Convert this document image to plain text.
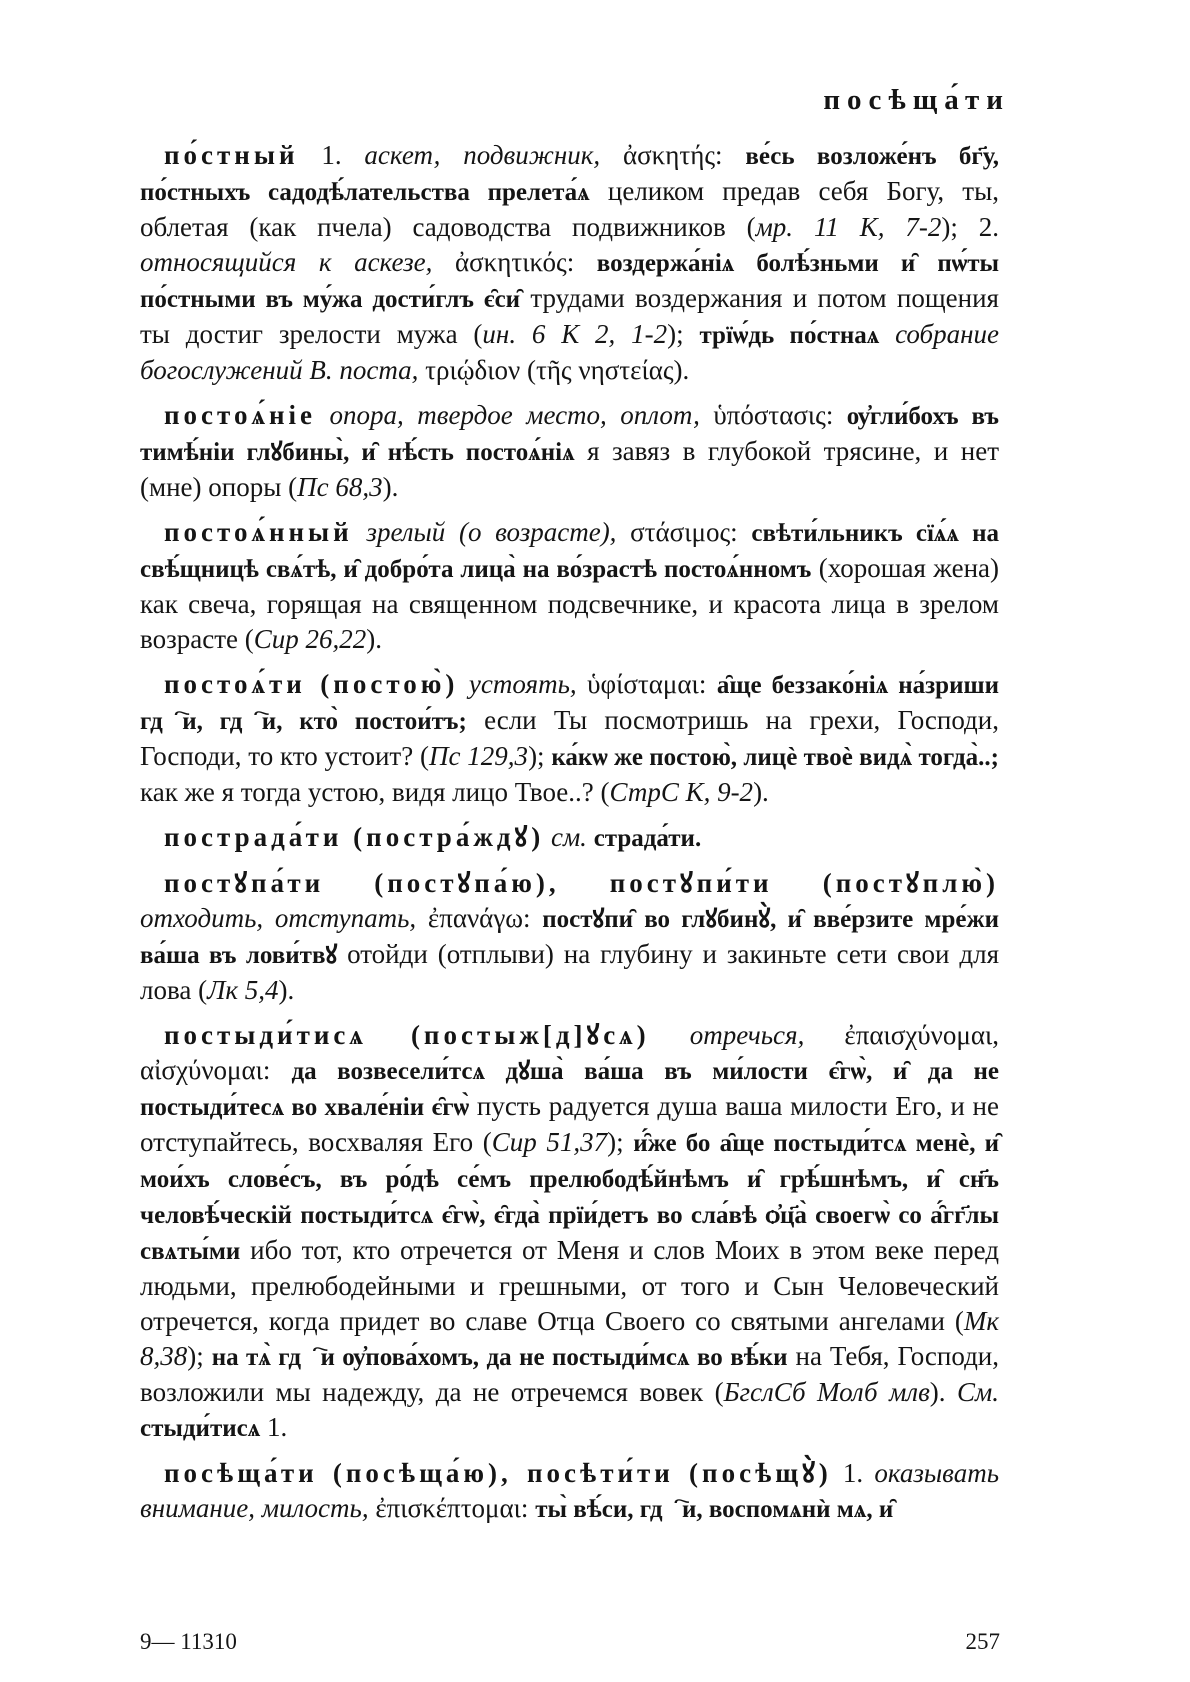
посѣща́ти

по́стный 1. аскет, подвижник, ἀσκητής: ве́сь возложе́нъ бг҃у, по́стныхъ садодѣ́лательства прелета́ѧ целиком предав себя Богу, ты, облетая (как пчела) садоводства подвижников (мр. 11 К, 7-2); 2. относящийся к аскезе, ἀσκητικός: воздержа́ніѧ болѣ́зньми и̑ пѡ́ты по́стными въ му́жа дости́глъ є̑си̑ трудами воздержания и потом пощения ты достиг зрелости мужа (ин. 6 К 2, 1-2); трїѡ́дь по́стнаѧ собрание богослужений В. поста, τριῴδιον (τῆς νηστείας).

постоѧ́ніе опора, твердое место, оплот, ὑπόστασις: ѹ҆гли́бохъ въ тимѣ́ніи глꙋбины̀, и̑ нѣ́сть постоѧ́ніѧ я завяз в глубокой трясине, и нет (мне) опоры (Пс 68,3).

постоѧ́нный зрелый (о возрасте), στάσιμος: свѣти́льникъ сїѧ́ѧ на свѣ́щницѣ свѧ́тѣ, и̑ добро́та лица̀ на во́зрастѣ постоѧ́нномъ (хорошая жена) как свеча, горящая на священном подсвечнике, и красота лица в зрелом возрасте (Сир 26,22).

постоѧ́ти (постою̀) устоять, ὑφίσταμαι: а̑ще беззако́ніѧ на́зриши гдⷭ҇и, гдⷭ҇и, кто̀ постои́тъ; если Ты посмотришь на грехи, Господи, Господи, то кто устоит? (Пс 129,3); ка́кѡ же постою̀, лицѐ твоѐ видѧ̀ тогда̀..; как же я тогда устою, видя лицо Твое..? (СтрС К, 9-2).

пострада́ти (постра́ждꙋ) см. страда́ти.

постꙋпа́ти (постꙋпа́ю), постꙋпи́ти (постꙋплю̀) отходить, отступать, ἐπανάγω: постꙋпи̑ во глꙋбинꙋ̀, и̑ вве́рзите мре́жи ва́ша въ лови́твꙋ отойди (отплыви) на глубину и закиньте сети свои для лова (Лк 5,4).

постыди́тисѧ (постыж[д]ꙋсѧ) отречься, ἐπαισχύνομαι, αἰσχύνομαι: да возвесели́тсѧ дꙋша̀ ва́ша въ ми́лости є̑гѡ̀, и̑ да не постыди́тесѧ во хвале́ніи є̑гѡ̀ пусть радуется душа ваша милости Его, и не отступайтесь, восхваляя Его (Сир 51,37); и̑́же бо а̑ще постыди́тсѧ менѐ, и̑ мои́хъ слове́съ, въ ро́дѣ се́мъ прелюбодѣ́йнѣмъ и̑ грѣ́шнѣмъ, и̑ сн҃ъ человѣ́ческій постыди́тсѧ є̑гѡ̀, є̑гда̀ прїи́детъ во сла́вѣ ѻ҆ц҃а̀ своегѡ̀ со а̑́гг҃лы свѧты́ми ибо тот, кто отречется от Меня и слов Моих в этом веке перед людьми, прелюбодейными и грешными, от того и Сын Человеческий отречется, когда придет во славе Отца Своего со святыми ангелами (Мк 8,38); на тѧ̀ гдⷭ҇и ѹ҆пова́хомъ, да не постыди́мсѧ во вѣ́ки на Тебя, Господи, возложили мы надежду, да не отречемся вовек (БгслСб Молб млв). См. стыди́тисѧ 1.

посѣща́ти (посѣща́ю), посѣти́ти (посѣщꙋ̀) 1. оказывать внимание, милость, ἐπισκέπτομαι: ты̀ вѣ́си, гдⷭ҇и, воспомѧнѝ мѧ, и̑

9— 11310	257
